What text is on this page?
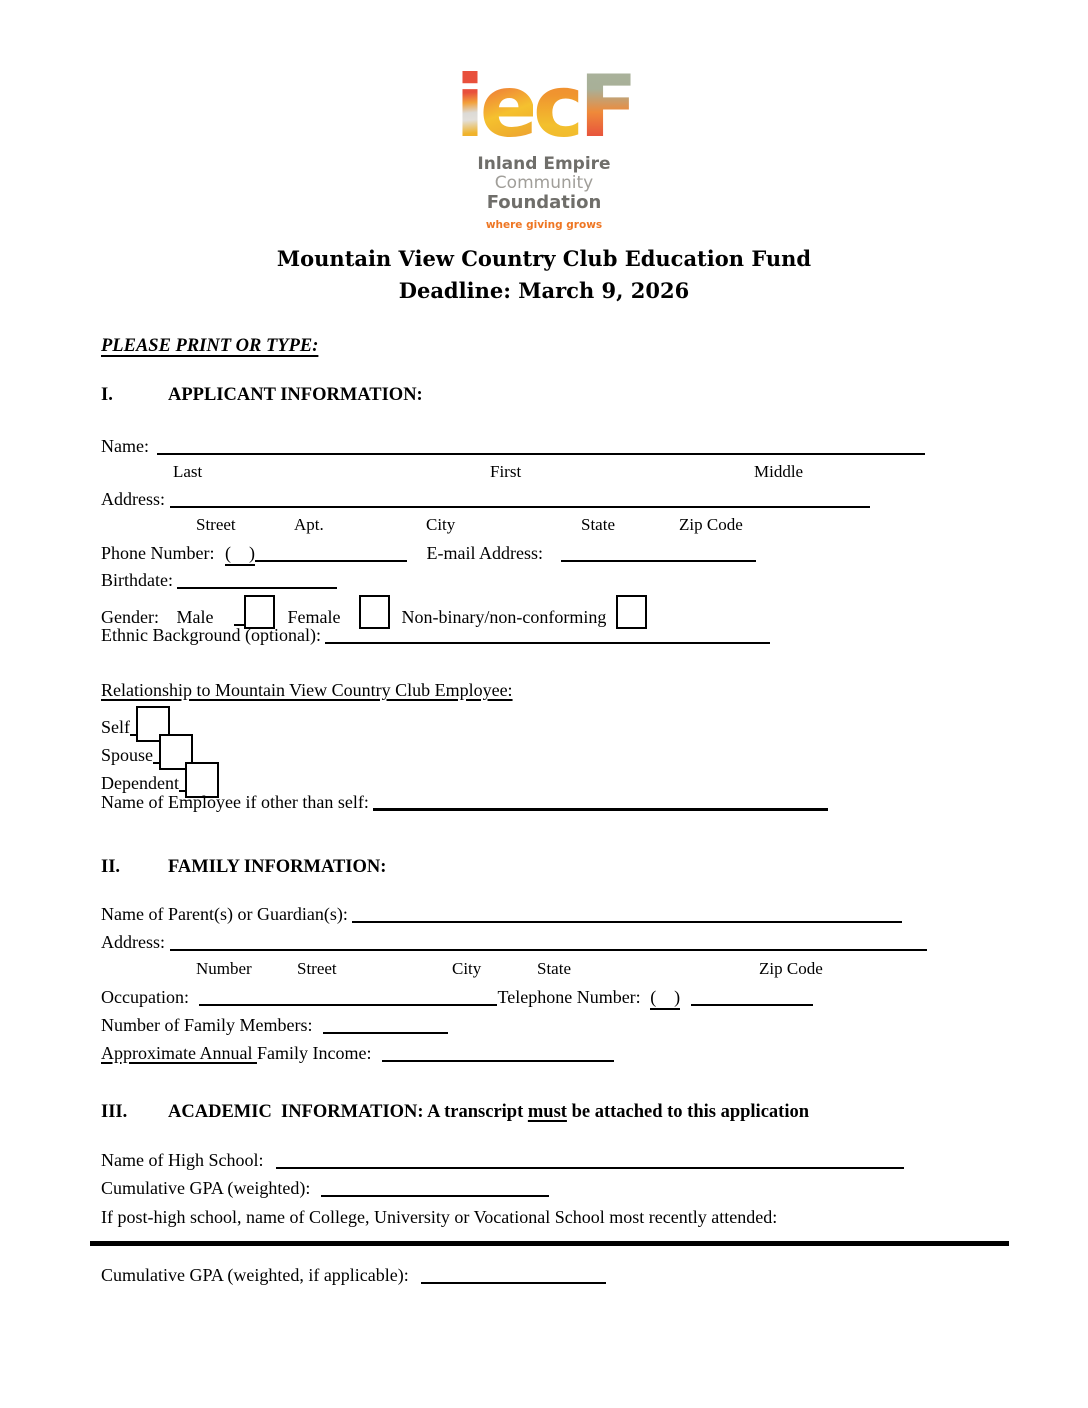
iecF
Inland Empire
Community
Foundation
where giving grows
Mountain View Country Club Education Fund
Deadline: March 9, 2026
PLEASE PRINT OR TYPE:
I.	APPLICANT INFORMATION:
Name:
Last	First	Middle
Address:
Street	Apt.	City	State	Zip Code
Phone Number: (    )	E-mail Address:
Birthdate:
Gender: Male	Female	Non-binary/non-conforming
Ethnic Background (optional):
Relationship to Mountain View Country Club Employee:
Self
Spouse
Dependent
Name of Employee if other than self:
II.	FAMILY INFORMATION:
Name of Parent(s) or Guardian(s):
Address:
Number	Street	City	State	Zip Code
Occupation:	Telephone Number: (    )
Number of Family Members:
Approximate Annual Family Income:
III. ACADEMIC  INFORMATION: A transcript must be attached to this application
Name of High School:
Cumulative GPA (weighted):
If post-high school, name of College, University or Vocational School most recently attended:
Cumulative GPA (weighted, if applicable):
